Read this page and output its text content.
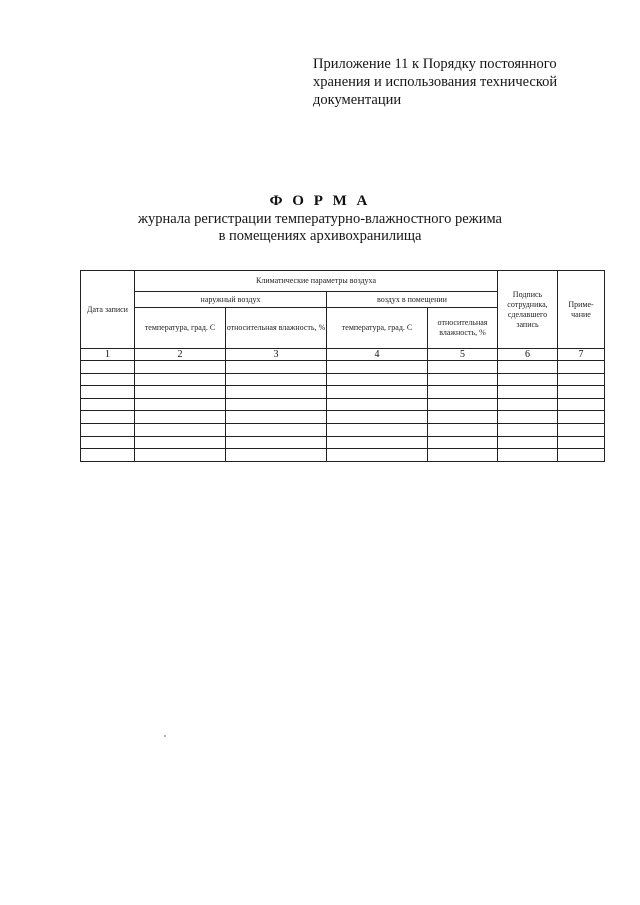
Приложение 11 к Порядку постоянного
хранения и использования технической
документации
Ф О Р М А
журнала регистрации температурно-влажностного режима
в помещениях архивохранилища
Дата записи	Климатические параметры воздуха				Подпись сотрудника, сделавшего запись	Приме- чание
	наружный воздух		воздух в помещении			
	температура, град. С	относительная влажность, %	температура, град. С	относительная влажность, %		
1	2	3	4	5	6	7
